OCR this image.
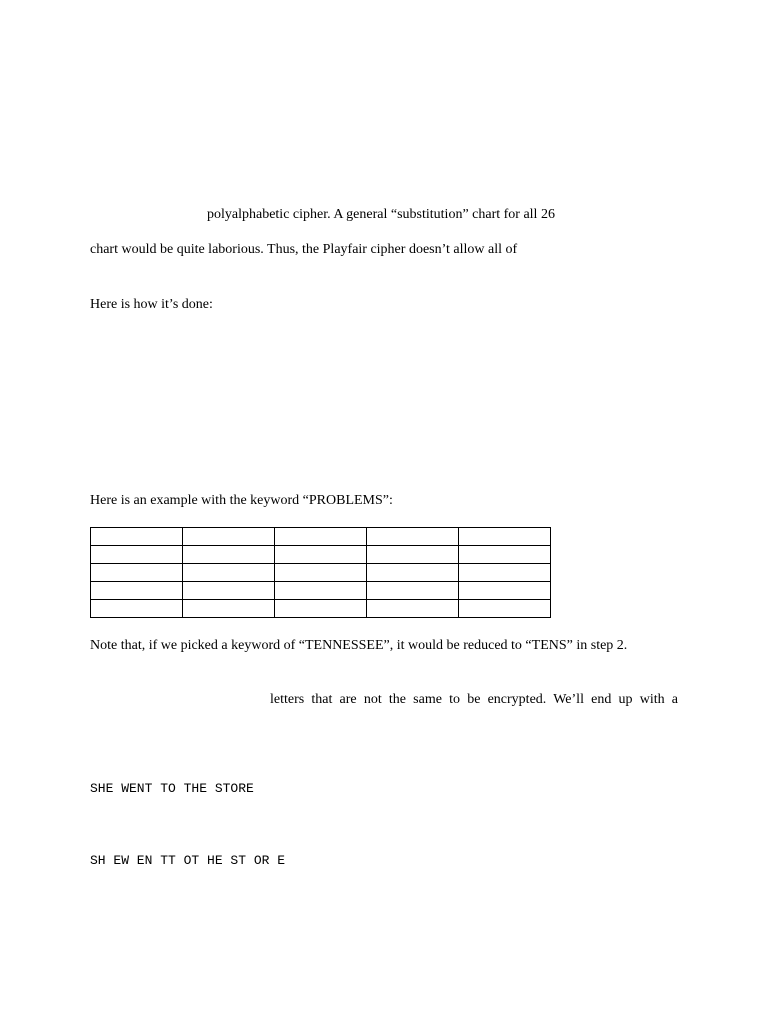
polyalphabetic cipher. A general “substitution” chart for all 26
chart would be quite laborious. Thus, the Playfair cipher doesn’t allow all of
Here is how it’s done:
Here is an example with the keyword “PROBLEMS”:

Note that, if we picked a keyword of “TENNESSEE”, it would be reduced to “TENS” in step 2.
letters that are not the same to be encrypted. We’ll end up with a
SHE WENT TO THE STORE
SH EW EN TT OT HE ST OR E
